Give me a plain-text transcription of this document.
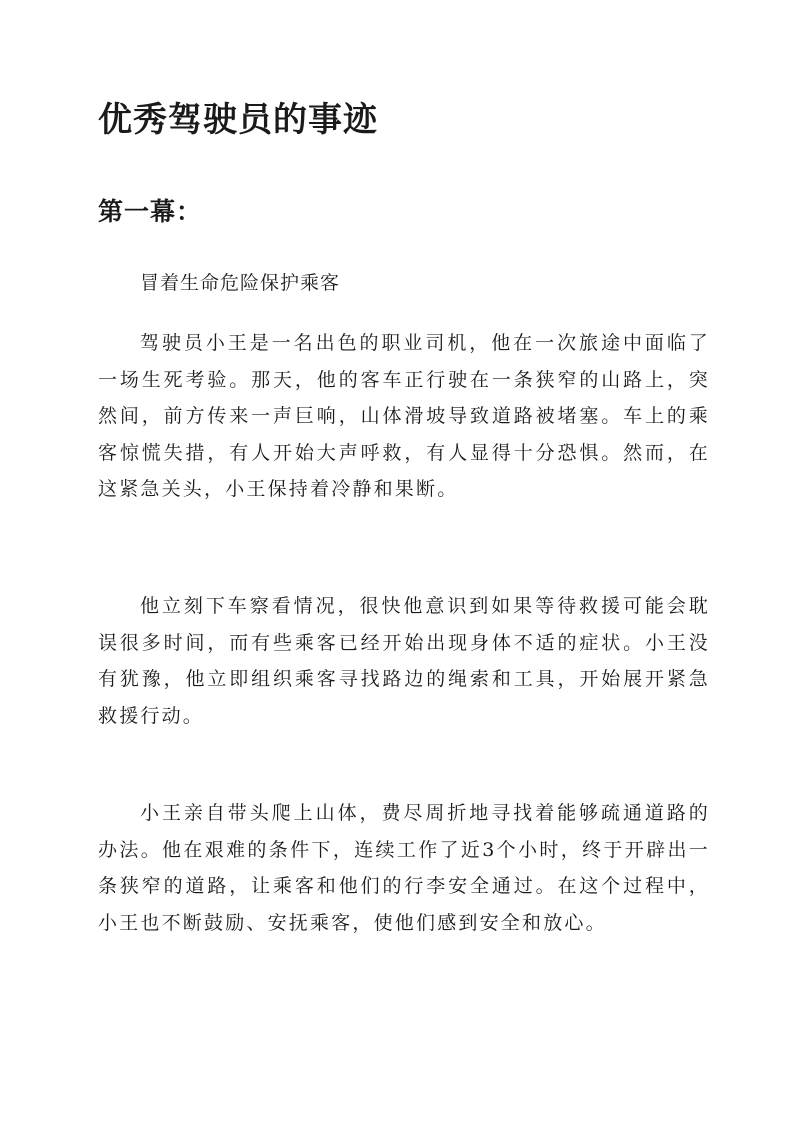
优秀驾驶员的事迹
第一幕：

冒着生命危险保护乘客

驾驶员小王是一名出色的职业司机，他在一次旅途中面临了一场生死考验。那天，他的客车正行驶在一条狭窄的山路上，突然间，前方传来一声巨响，山体滑坡导致道路被堵塞。车上的乘客惊慌失措，有人开始大声呼救，有人显得十分恐惧。然而，在这紧急关头，小王保持着冷静和果断。

他立刻下车察看情况，很快他意识到如果等待救援可能会耽误很多时间，而有些乘客已经开始出现身体不适的症状。小王没有犹豫，他立即组织乘客寻找路边的绳索和工具，开始展开紧急救援行动。

小王亲自带头爬上山体，费尽周折地寻找着能够疏通道路的办法。他在艰难的条件下，连续工作了近3个小时，终于开辟出一条狭窄的道路，让乘客和他们的行李安全通过。在这个过程中，小王也不断鼓励、安抚乘客，使他们感到安全和放心。
